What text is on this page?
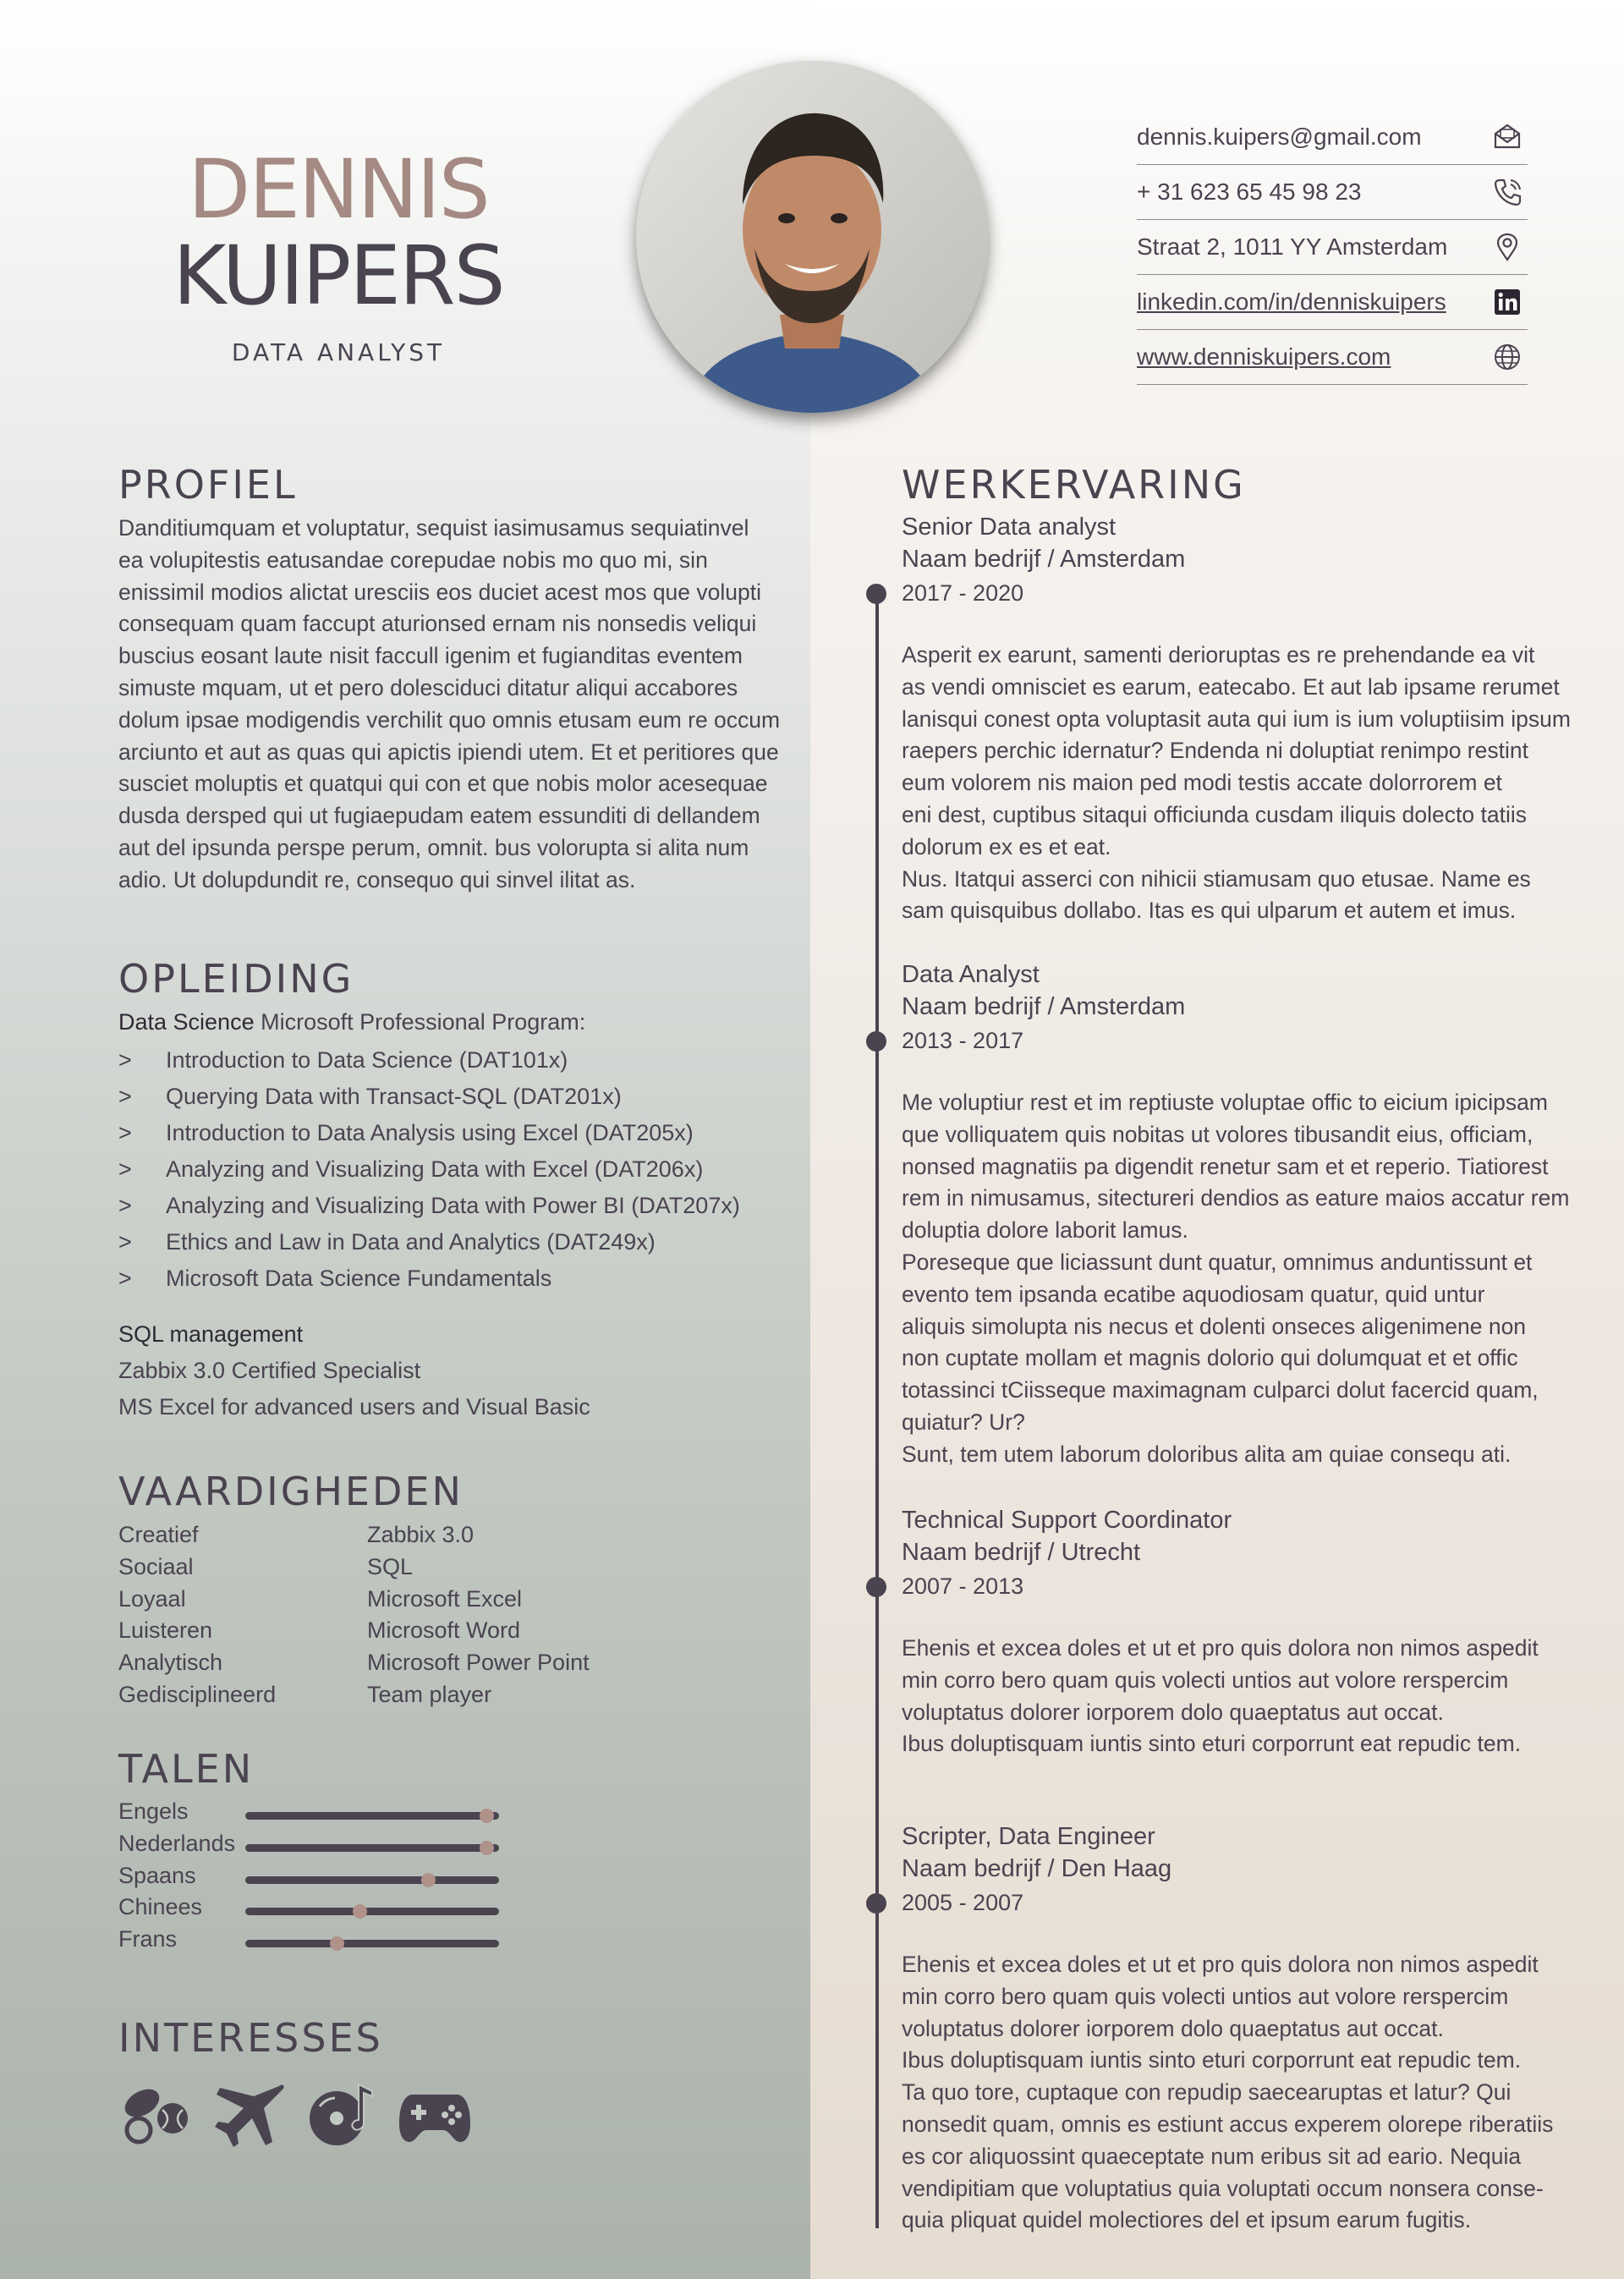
DENNIS
KUIPERS
DATA ANALYST
dennis.kuipers@gmail.com
+ 31 623 65 45 98 23
Straat 2, 1011 YY Amsterdam
linkedin.com/in/denniskuipers
www.denniskuipers.com
PROFIEL
Danditiumquam et voluptatur, sequist iasimusamus sequiatinvel
ea volupitestis eatusandae corepudae nobis mo quo mi, sin
enissimil modios alictat uresciis eos duciet acest mos que volupti
consequam quam faccupt aturionsed ernam nis nonsedis veliqui
buscius eosant laute nisit faccull igenim et fugianditas eventem
simuste mquam, ut et pero dolesciduci ditatur aliqui accabores
dolum ipsae modigendis verchilit quo omnis etusam eum re occum
arciunto et aut as quas qui apictis ipiendi utem. Et et peritiores que
susciet moluptis et quatqui qui con et que nobis molor acesequae
dusda dersped qui ut fugiaepudam eatem essunditi di dellandem
aut del ipsunda perspe perum, omnit. bus volorupta si alita num
adio. Ut dolupdundit re, consequo qui sinvel ilitat as.
OPLEIDING
Data Science Microsoft Professional Program:
>	Introduction to Data Science (DAT101x)
>	Querying Data with Transact-SQL (DAT201x)
>	Introduction to Data Analysis using Excel (DAT205x)
>	Analyzing and Visualizing Data with Excel (DAT206x)
>	Analyzing and Visualizing Data with Power BI (DAT207x)
>	Ethics and Law in Data and Analytics (DAT249x)
>	Microsoft Data Science Fundamentals
SQL management
Zabbix 3.0 Certified Specialist
MS Excel for advanced users and Visual Basic
VAARDIGHEDEN
Creatief	Zabbix 3.0
Sociaal	SQL
Loyaal	Microsoft Excel
Luisteren	Microsoft Word
Analytisch	Microsoft Power Point
Gedisciplineerd	Team player
TALEN
Engels
Nederlands
Spaans
Chinees
Frans
INTERESSES
WERKERVARING
Senior Data analyst
Naam bedrijf / Amsterdam
2017 - 2020
Asperit ex earunt, samenti derioruptas es re prehendande ea vit
as vendi omnisciet es earum, eatecabo. Et aut lab ipsame rerumet
lanisqui conest opta voluptasit auta qui ium is ium voluptiisim ipsum
raepers perchic idernatur? Endenda ni doluptiat renimpo restint
eum volorem nis maion ped modi testis accate dolorrorem et
eni dest, cuptibus sitaqui officiunda cusdam iliquis dolecto tatiis
dolorum ex es et eat.
Nus. Itatqui asserci con nihicii stiamusam quo etusae. Name es
sam quisquibus dollabo. Itas es qui ulparum et autem et imus.
Data Analyst
Naam bedrijf / Amsterdam
2013 - 2017
Me voluptiur rest et im reptiuste voluptae offic to eicium ipicipsam
que volliquatem quis nobitas ut volores tibusandit eius, officiam,
nonsed magnatiis pa digendit renetur sam et et reperio. Tiatiorest
rem in nimusamus, sitectureri dendios as eature maios accatur rem
doluptia dolore laborit lamus.
Poreseque que liciassunt dunt quatur, omnimus anduntissunt et
evento tem ipsanda ecatibe aquodiosam quatur, quid untur
aliquis simolupta nis necus et dolenti onseces aligenimene non
non cuptate mollam et magnis dolorio qui dolumquat et et offic
totassinci tCiisseque maximagnam culparci dolut facercid quam,
quiatur? Ur?
Sunt, tem utem laborum doloribus alita am quiae consequ ati.
Technical Support Coordinator
Naam bedrijf / Utrecht
2007 - 2013
Ehenis et excea doles et ut et pro quis dolora non nimos aspedit
min corro bero quam quis volecti untios aut volore rerspercim
voluptatus dolorer iorporem dolo quaeptatus aut occat.
Ibus doluptisquam iuntis sinto eturi corporrunt eat repudic tem.
Scripter, Data Engineer
Naam bedrijf / Den Haag
2005 - 2007
Ehenis et excea doles et ut et pro quis dolora non nimos aspedit
min corro bero quam quis volecti untios aut volore rerspercim
voluptatus dolorer iorporem dolo quaeptatus aut occat.
Ibus doluptisquam iuntis sinto eturi corporrunt eat repudic tem.
Ta quo tore, cuptaque con repudip saecearuptas et latur? Qui
nonsedit quam, omnis es estiunt accus experem olorepe riberatiis
es cor aliquossint quaeceptate num eribus sit ad eario. Nequia
vendipitiam que voluptatius quia voluptati occum nonsera conse-
quia pliquat quidel molectiores del et ipsum earum fugitis.
